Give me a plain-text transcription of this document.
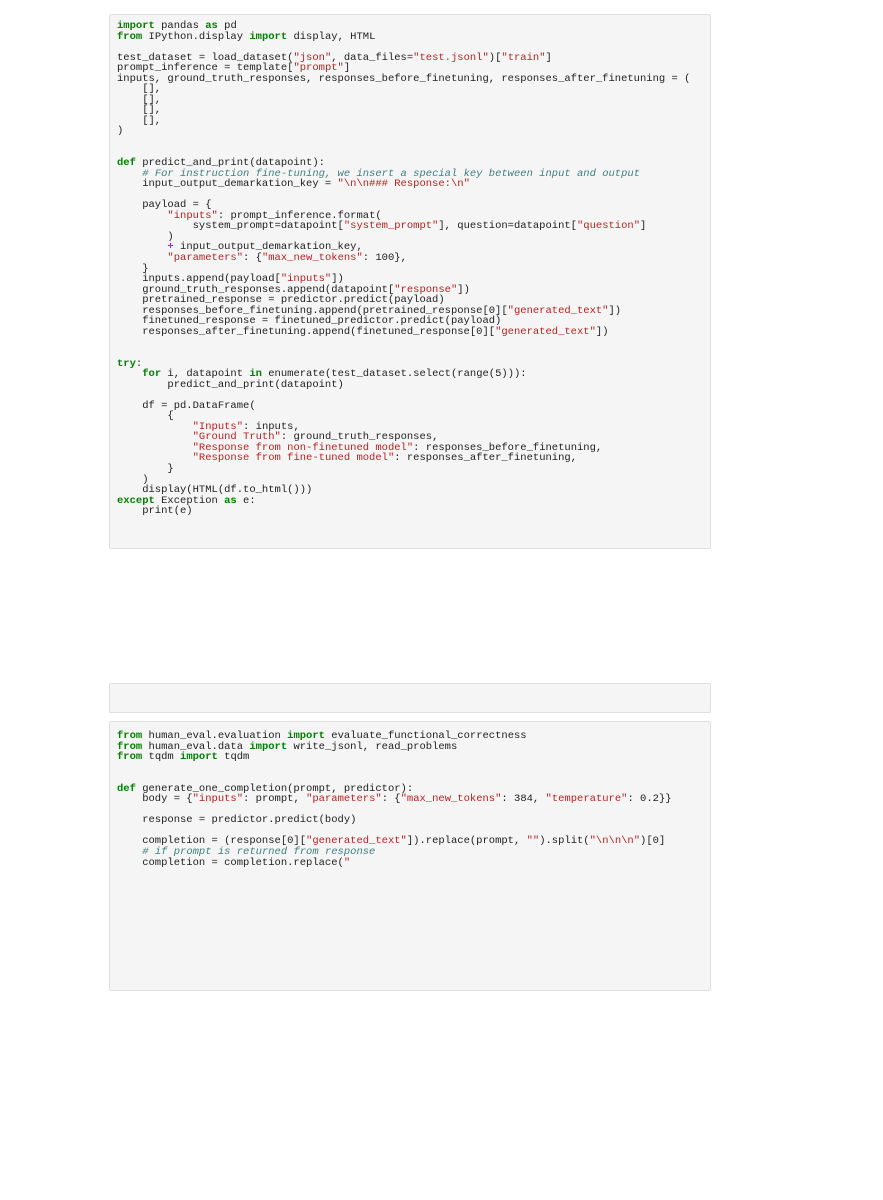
import pandas as pd
from IPython.display import display, HTML

test_dataset = load_dataset("json", data_files="test.jsonl")["train"]
prompt_inference = template["prompt"]
inputs, ground_truth_responses, responses_before_finetuning, responses_after_finetuning = (
[],
[],
[],
[],
)

def predict_and_print(datapoint):
# For instruction fine-tuning, we insert a special key between input and output
input_output_demarkation_key = "\n\n### Response:\n"

payload = {
"inputs": prompt_inference.format(
system_prompt=datapoint["system_prompt"], question=datapoint["question"]
)
+ input_output_demarkation_key,
"parameters": {"max_new_tokens": 100},
}
inputs.append(payload["inputs"])
ground_truth_responses.append(datapoint["response"])
pretrained_response = predictor.predict(payload)
responses_before_finetuning.append(pretrained_response[0]["generated_text"])
finetuned_response = finetuned_predictor.predict(payload)
responses_after_finetuning.append(finetuned_response[0]["generated_text"])

try:
for i, datapoint in enumerate(test_dataset.select(range(5))):
predict_and_print(datapoint)

df = pd.DataFrame(
{
"Inputs": inputs,
"Ground Truth": ground_truth_responses,
"Response from non-finetuned model": responses_before_finetuning,
"Response from fine-tuned model": responses_after_finetuning,
}
)
display(HTML(df.to_html()))
except Exception as e:
print(e)
from human_eval.evaluation import evaluate_functional_correctness
from human_eval.data import write_jsonl, read_problems
from tqdm import tqdm

def generate_one_completion(prompt, predictor):
body = {"inputs": prompt, "parameters": {"max_new_tokens": 384, "temperature": 0.2}}

response = predictor.predict(body)

completion = (response[0]["generated_text"]).replace(prompt, "").split("\n\n\n")[0]
# if prompt is returned from response
completion = completion.replace("
